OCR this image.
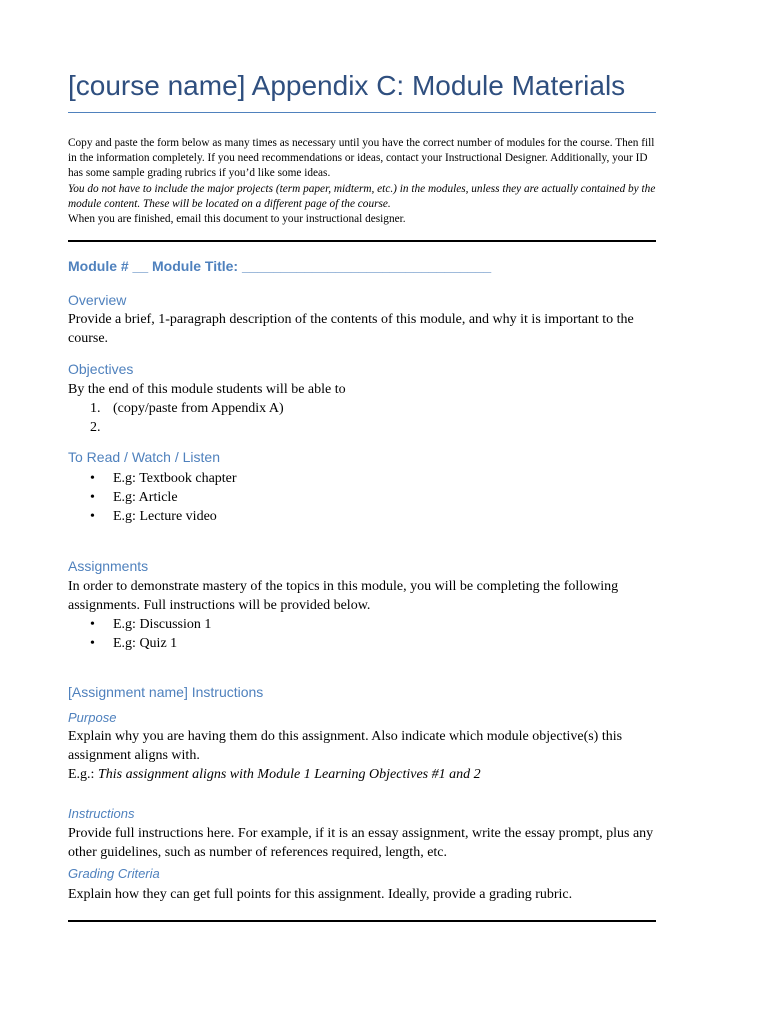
[course name] Appendix C: Module Materials

Copy and paste the form below as many times as necessary until you have the correct number of modules for the course. Then fill in the information completely. If you need recommendations or ideas, contact your Instructional Designer. Additionally, your ID has some sample grading rubrics if you’d like some ideas.

You do not have to include the major projects (term paper, midterm, etc.) in the modules, unless they are actually contained by the module content. These will be located on a different page of the course.

When you are finished, email this document to your instructional designer.

Module # __ Module Title: ________________________________
Overview

Provide a brief, 1-paragraph description of the contents of this module, and why it is important to the course.

Objectives

By the end of this module students will be able to

1. (copy/paste from Appendix A)
2.
To Read / Watch / Listen
• E.g: Textbook chapter
• E.g: Article
• E.g: Lecture video
Assignments

In order to demonstrate mastery of the topics in this module, you will be completing the following assignments. Full instructions will be provided below.

• E.g: Discussion 1
• E.g: Quiz 1
[Assignment name] Instructions
Purpose

Explain why you are having them do this assignment. Also indicate which module objective(s) this assignment aligns with.

E.g.: This assignment aligns with Module 1 Learning Objectives #1 and 2

Instructions

Provide full instructions here. For example, if it is an essay assignment, write the essay prompt, plus any other guidelines, such as number of references required, length, etc.

Grading Criteria

Explain how they can get full points for this assignment. Ideally, provide a grading rubric.
